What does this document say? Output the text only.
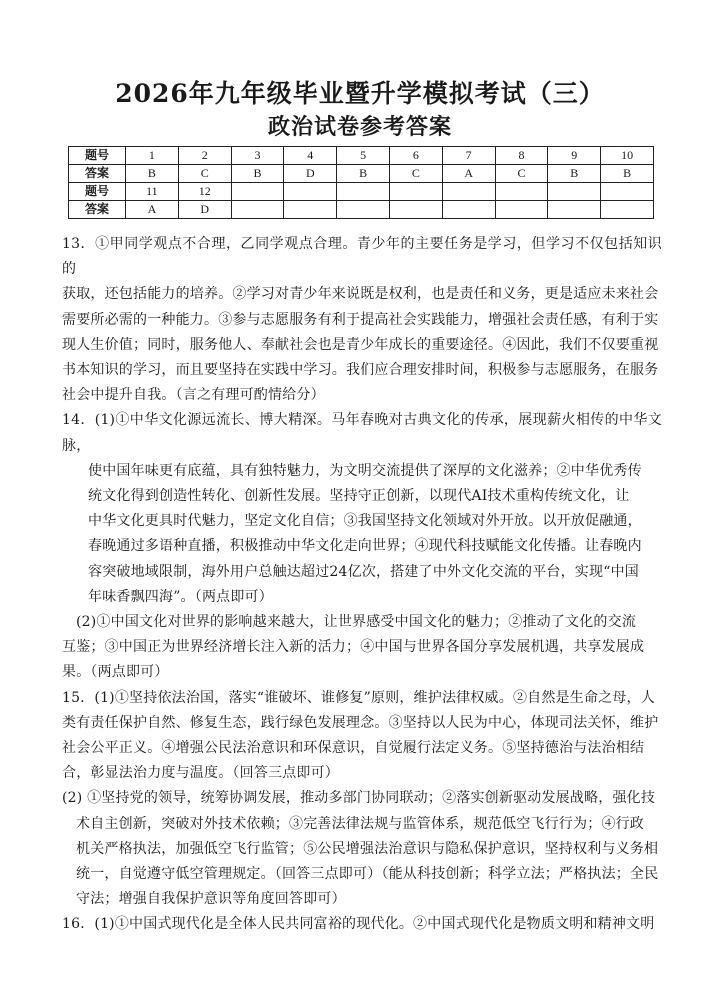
2026年九年级毕业暨升学模拟考试（三）
政治试卷参考答案
题号	1	2	3	4	5	6	7	8	9	10
答案	B	C	B	D	B	C	A	C	B	B
题号	11	12								
答案	A	D								

13．①甲同学观点不合理，乙同学观点合理。青少年的主要任务是学习，但学习不仅包括知识的

获取，还包括能力的培养。②学习对青少年来说既是权利，也是责任和义务，更是适应未来社会

需要所必需的一种能力。③参与志愿服务有利于提高社会实践能力，增强社会责任感，有利于实

现人生价值；同时，服务他人、奉献社会也是青少年成长的重要途径。④因此，我们不仅要重视

书本知识的学习，而且要坚持在实践中学习。我们应合理安排时间，积极参与志愿服务，在服务

社会中提升自我。（言之有理可酌情给分）

14．(1)①中华文化源远流长、博大精深。马年春晚对古典文化的传承，展现薪火相传的中华文脉，

使中国年味更有底蕴，具有独特魅力，为文明交流提供了深厚的文化滋养；②中华优秀传

统文化得到创造性转化、创新性发展。坚持守正创新，以现代AI技术重构传统文化，让

中华文化更具时代魅力，坚定文化自信；③我国坚持文化领域对外开放。以开放促融通，

春晚通过多语种直播，积极推动中华文化走向世界；④现代科技赋能文化传播。让春晚内

容突破地域限制，海外用户总触达超过24亿次，搭建了中外文化交流的平台，实现“中国

年味香飘四海”。（两点即可）

(2)①中国文化对世界的影响越来越大，让世界感受中国文化的魅力；②推动了文化的交流

互鉴；③中国正为世界经济增长注入新的活力；④中国与世界各国分享发展机遇，共享发展成

果。（两点即可）

15．(1)①坚持依法治国，落实“谁破坏、谁修复”原则，维护法律权威。②自然是生命之母，人

类有责任保护自然、修复生态，践行绿色发展理念。③坚持以人民为中心，体现司法关怀，维护

社会公平正义。④增强公民法治意识和环保意识，自觉履行法定义务。⑤坚持德治与法治相结

合，彰显法治力度与温度。（回答三点即可）

(2) ①坚持党的领导，统筹协调发展，推动多部门协同联动；②落实创新驱动发展战略，强化技

术自主创新，突破对外技术依赖；③完善法律法规与监管体系，规范低空飞行行为；④行政

机关严格执法，加强低空飞行监管；⑤公民增强法治意识与隐私保护意识，坚持权利与义务相

统一，自觉遵守低空管理规定。（回答三点即可）（能从科技创新；科学立法；严格执法；全民

守法；增强自我保护意识等角度回答即可）

16．(1)①中国式现代化是全体人民共同富裕的现代化。②中国式现代化是物质文明和精神文明
